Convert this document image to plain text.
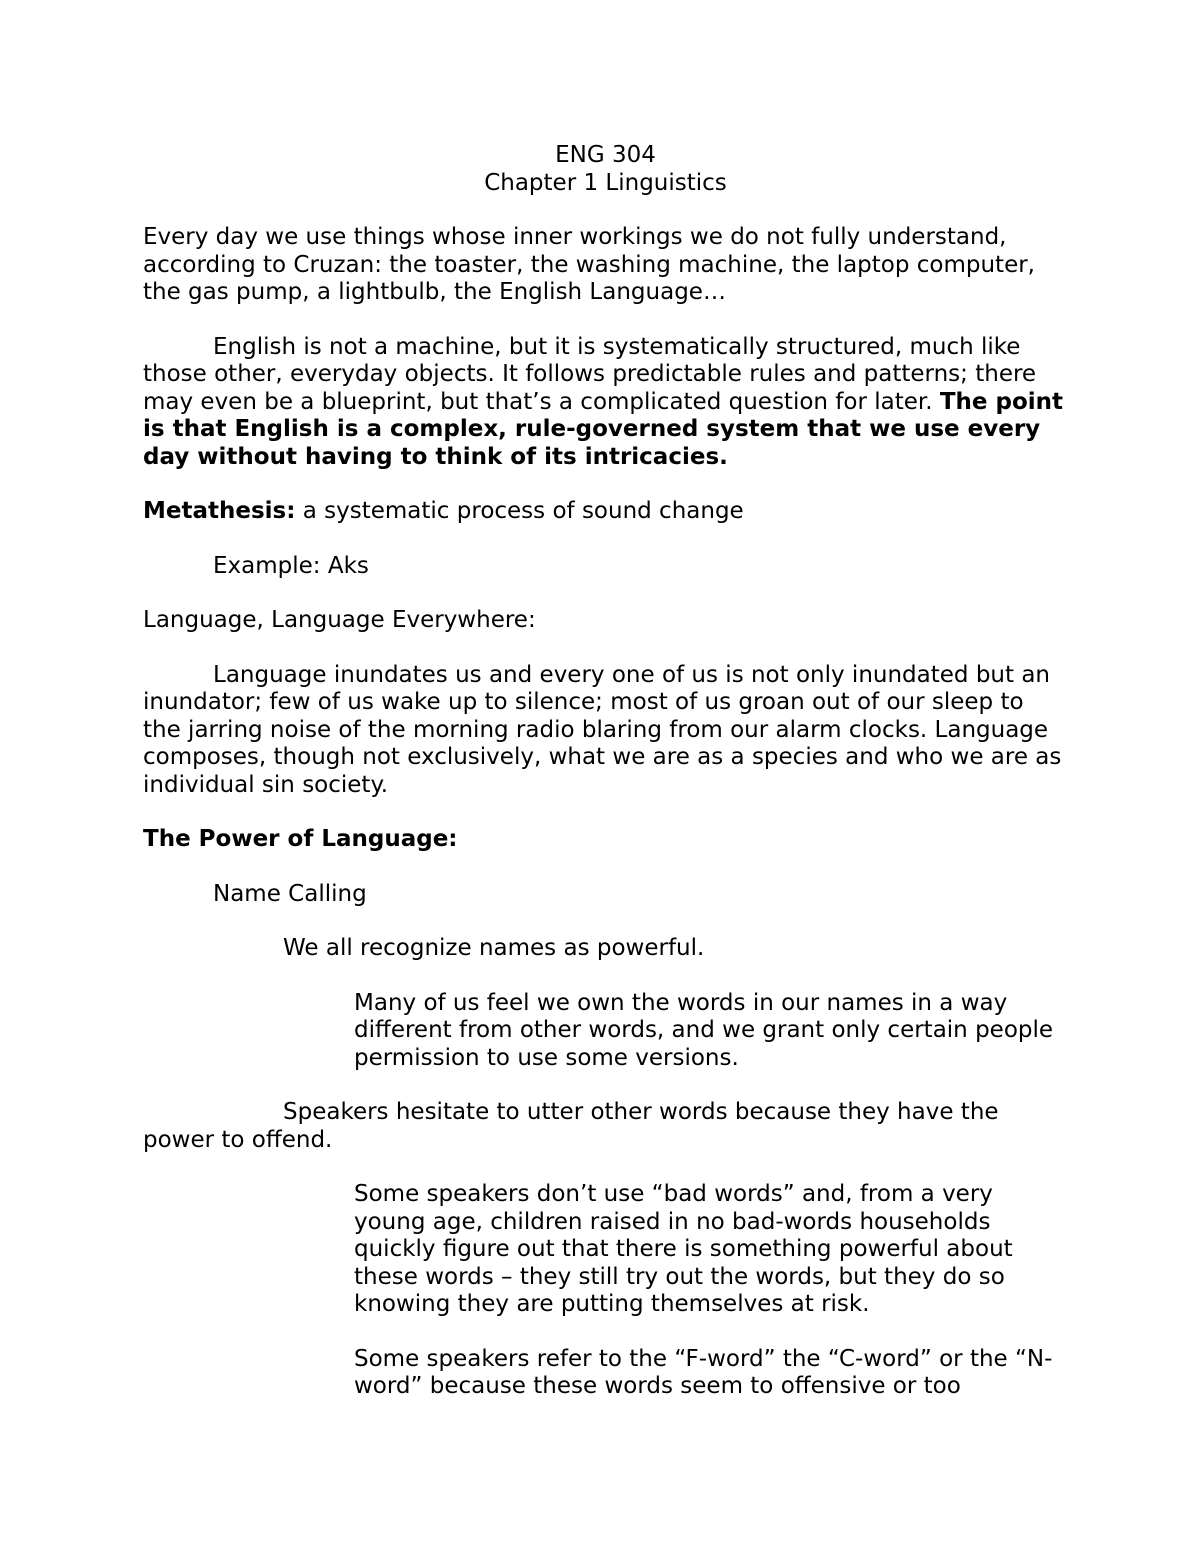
ENG 304

Chapter 1 Linguistics

Every day we use things whose inner workings we do not fully understand, according to Cruzan: the toaster, the washing machine, the laptop computer, the gas pump, a lightbulb, the English Language…

English is not a machine, but it is systematically structured, much like those other, everyday objects. It follows predictable rules and patterns; there may even be a blueprint, but that’s a complicated question for later. The point is that English is a complex, rule-governed system that we use every day without having to think of its intricacies.

Metathesis: a systematic process of sound change

Example: Aks

Language, Language Everywhere:

Language inundates us and every one of us is not only inundated but an inundator; few of us wake up to silence; most of us groan out of our sleep to the jarring noise of the morning radio blaring from our alarm clocks. Language composes, though not exclusively, what we are as a species and who we are as individual sin society.

The Power of Language:

Name Calling

We all recognize names as powerful.

Many of us feel we own the words in our names in a way different from other words, and we grant only certain people permission to use some versions.

Speakers hesitate to utter other words because they have the power to offend.

Some speakers don’t use “bad words” and, from a very young age, children raised in no bad-words households quickly figure out that there is something powerful about these words – they still try out the words, but they do so knowing they are putting themselves at risk.

Some speakers refer to the “F-word” the “C-word” or the “N-word” because these words seem to offensive or too
